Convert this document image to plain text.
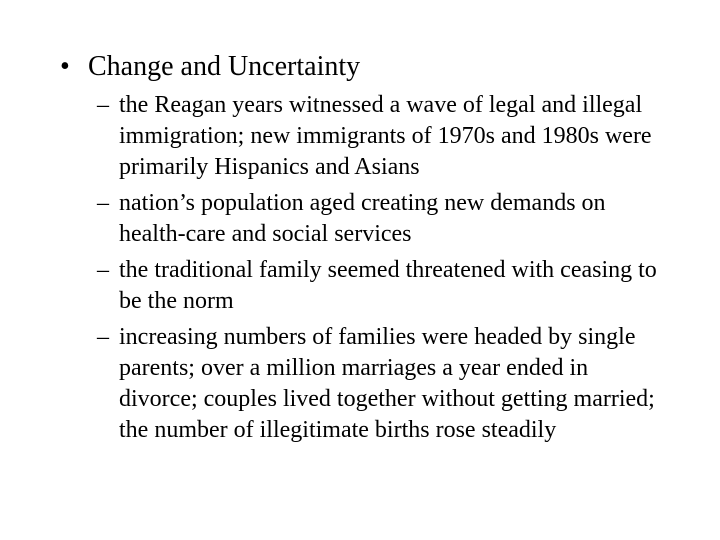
• Change and Uncertainty
– the Reagan years witnessed a wave of legal and illegal immigration; new immigrants of 1970s and 1980s were primarily Hispanics and Asians
– nation’s population aged creating new demands on health-care and social services
– the traditional family seemed threatened with ceasing to be the norm
– increasing numbers of families were headed by single parents; over a million marriages a year ended in divorce; couples lived together without getting married; the number of illegitimate births rose steadily
